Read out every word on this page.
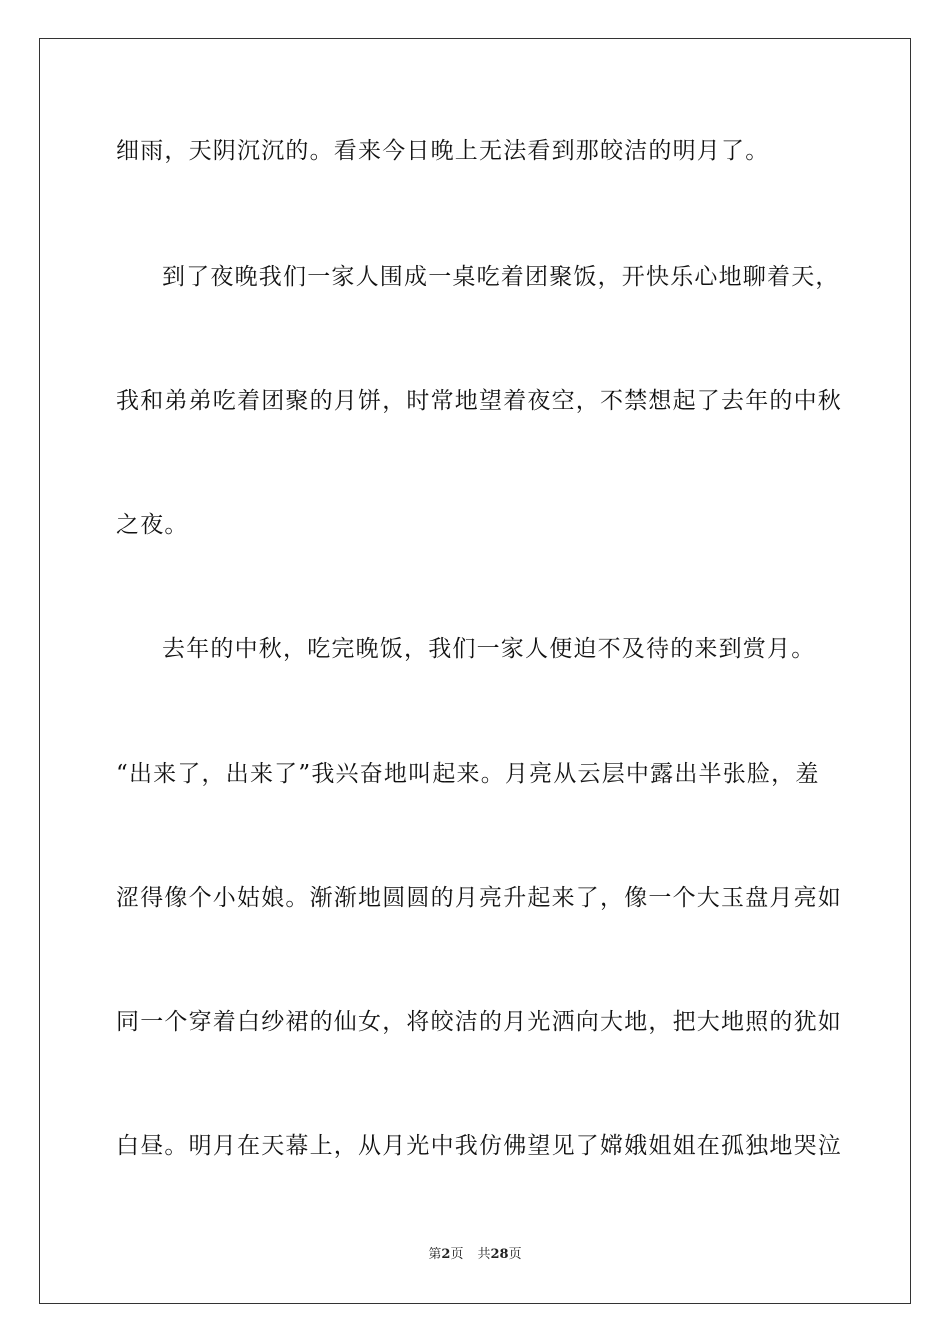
细雨，天阴沉沉的。看来今日晚上无法看到那皎洁的明月了。
到了夜晚我们一家人围成一桌吃着团聚饭，开快乐心地聊着天，
我和弟弟吃着团聚的月饼，时常地望着夜空，不禁想起了去年的中秋
之夜。
去年的中秋，吃完晚饭，我们一家人便迫不及待的来到赏月。
“出来了，出来了”我兴奋地叫起来。月亮从云层中露出半张脸，羞
涩得像个小姑娘。渐渐地圆圆的月亮升起来了，像一个大玉盘月亮如
同一个穿着白纱裙的仙女，将皎洁的月光洒向大地，把大地照的犹如
白昼。明月在天幕上，从月光中我仿佛望见了嫦娥姐姐在孤独地哭泣
第2页 共28页
